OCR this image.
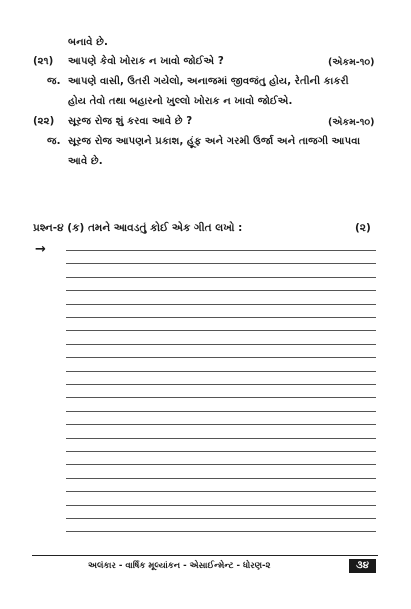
બનાવે છે.
(૨૧) આપણે કેવો ખોરાક ન ખાવો જોઈએ ?	(એકમ-૧૦)
જ. આપણે વાસી, ઉતરી ગયેલો, અનાજમાં જીવજંતુ હોય, રેતીની કાકરી
હોય તેવો તથા બહારનો ખુલ્લો ખોરાક ન ખાવો જોઈએ.
(૨૨) સૂરજ રોજ શું કરવા આવે છે ?	(એકમ-૧૦)
જ. સૂરજ રોજ આપણને પ્રકાશ, હૂંફ અને ગરમી ઉર્જા અને તાજગી આપવા
આવે છે.
પ્રશ્ન-૪ (ક) તમને આવડતું કોઈ એક ગીત લખો :	(૨)
→
અલંકાર - વાર્ષિક મૂલ્યાંકન - એસાઈન્મેન્ટ - ધોરણ-૨	૩૪
